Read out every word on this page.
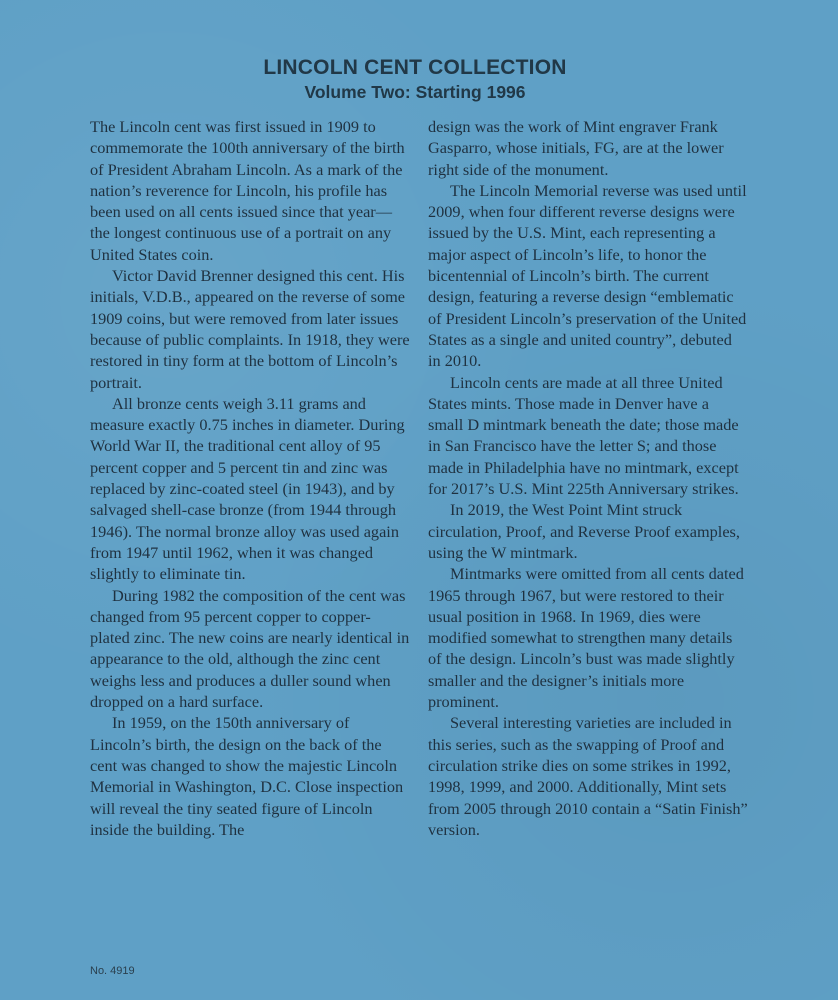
LINCOLN CENT COLLECTION
Volume Two: Starting 1996

The Lincoln cent was first issued in 1909 to commemorate the 100th anniversary of the birth of President Abraham Lincoln. As a mark of the nation’s reverence for Lincoln, his profile has been used on all cents issued since that year—the longest continuous use of a portrait on any United States coin.

Victor David Brenner designed this cent. His initials, V.D.B., appeared on the reverse of some 1909 coins, but were removed from later issues because of public complaints. In 1918, they were restored in tiny form at the bottom of Lincoln’s portrait.

All bronze cents weigh 3.11 grams and measure exactly 0.75 inches in diameter. During World War II, the traditional cent alloy of 95 percent copper and 5 percent tin and zinc was replaced by zinc-coated steel (in 1943), and by salvaged shell-case bronze (from 1944 through 1946). The normal bronze alloy was used again from 1947 until 1962, when it was changed slightly to eliminate tin.

During 1982 the composition of the cent was changed from 95 percent copper to copper-plated zinc. The new coins are nearly identical in appearance to the old, although the zinc cent weighs less and produces a duller sound when dropped on a hard surface.

In 1959, on the 150th anniversary of Lincoln’s birth, the design on the back of the cent was changed to show the majestic Lincoln Memorial in Washington, D.C. Close inspection will reveal the tiny seated figure of Lincoln inside the building. The

design was the work of Mint engraver Frank Gasparro, whose initials, FG, are at the lower right side of the monument.

The Lincoln Memorial reverse was used until 2009, when four different reverse designs were issued by the U.S. Mint, each representing a major aspect of Lincoln’s life, to honor the bicentennial of Lincoln’s birth. The current design, featuring a reverse design “emblematic of President Lincoln’s preservation of the United States as a single and united country”, debuted in 2010.

Lincoln cents are made at all three United States mints. Those made in Denver have a small D mintmark beneath the date; those made in San Francisco have the letter S; and those made in Philadelphia have no mintmark, except for 2017’s U.S. Mint 225th Anniversary strikes.

In 2019, the West Point Mint struck circulation, Proof, and Reverse Proof examples, using the W mintmark.

Mintmarks were omitted from all cents dated 1965 through 1967, but were restored to their usual position in 1968. In 1969, dies were modified somewhat to strengthen many details of the design. Lincoln’s bust was made slightly smaller and the designer’s initials more prominent.

Several interesting varieties are included in this series, such as the swapping of Proof and circulation strike dies on some strikes in 1992, 1998, 1999, and 2000. Additionally, Mint sets from 2005 through 2010 contain a “Satin Finish” version.

No. 4919
